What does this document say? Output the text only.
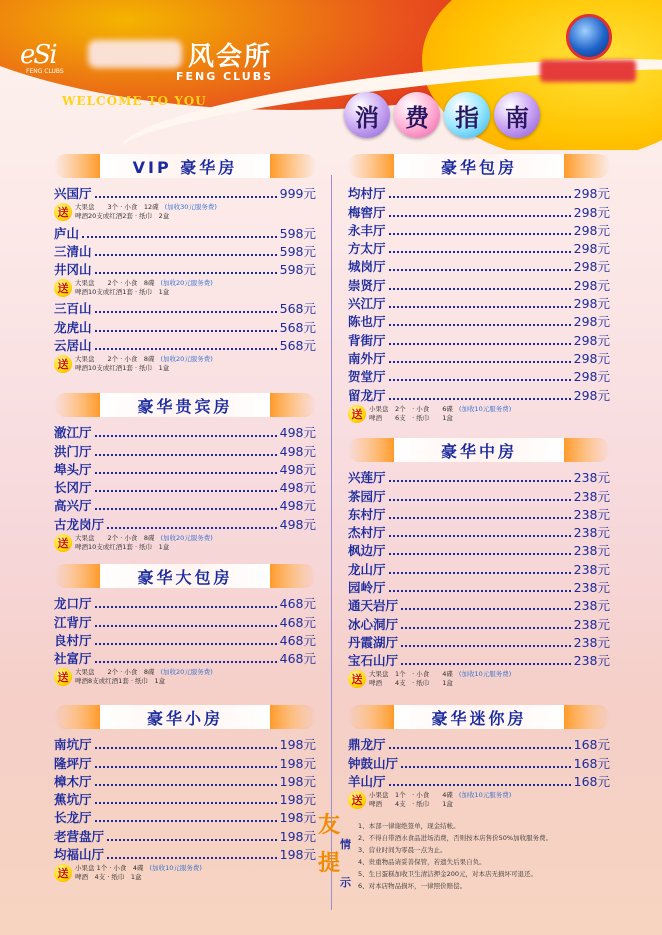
eSi
FENG CLUBS	风会所
FENG CLUBS
WELCOME TO YOU
消	费	指	南
VIP 豪华房
兴国厅	999元
送	大果盘　　3个 · 小食　12碟 (加收30元服务费)
啤酒20支或红酒2套 · 纸巾　2盒
庐山	598元
三清山	598元
井冈山	598元
送	大果盘　　2个 · 小食　8碟 (加收20元服务费)
啤酒10支或红酒1套 · 纸巾　1盒
三百山	568元
龙虎山	568元
云居山	568元
送	大果盘　　2个 · 小食　8碟 (加收20元服务费)
啤酒10支或红酒1套 · 纸巾　1盒
豪华贵宾房
澈江厅	498元
洪门厅	498元
埠头厅	498元
长冈厅	498元
高兴厅	498元
古龙岗厅	498元
送	大果盘　　2个 · 小食　8碟 (加收20元服务费)
啤酒10支或红酒1套 · 纸巾　1盒
豪华大包房
龙口厅	468元
江背厅	468元
良村厅	468元
社富厅	468元
送	大果盘　　2个 · 小食　8碟 (加收20元服务费)
啤酒8支或红酒1套 · 纸巾　1盒
豪华小房
南坑厅	198元
隆坪厅	198元
樟木厅	198元
蕉坑厅	198元
长龙厅	198元
老营盘厅	198元
均福山厅	198元
送	小果盘 1个 · 小食　4碟 (加收10元服务费)
啤酒　4支 · 纸巾　1盒
豪华包房
均村厅	298元
梅窖厅	298元
永丰厅	298元
方太厅	298元
城岗厅	298元
崇贤厅	298元
兴江厅	298元
陈也厅	298元
背街厅	298元
南外厅	298元
贺堂厅	298元
留龙厅	298元
送	小果盘　2个　· 小食　　6碟 (加收10元服务费)
啤酒　　6支　· 纸巾　　1盒
豪华中房
兴莲厅	238元
茶园厅	238元
东村厅	238元
杰村厅	238元
枫边厅	238元
龙山厅	238元
园岭厅	238元
通天岩厅	238元
冰心洞厅	238元
丹霞湖厅	238元
宝石山厅	238元
送	大果盘　1个　· 小食　　4碟 (加收10元服务费)
啤酒　　4支　· 纸巾　　1盒
豪华迷你房
鼎龙厅	168元
钟鼓山厅	168元
羊山厅	168元
送	小果盘　1个　· 小食　　4碟 (加收10元服务费)
啤酒　　4支　· 纸巾　　1盒
友
情
提
示
1、本部一律谢绝签单，现金结帐。
2、不得自带酒水食品进场消费，否则按本店售价50%加收服务费。
3、营业时间为零晨一点为止。
4、贵重物品请妥善保管，若遗失后果自负。
5、生日蛋糕加收卫生清洁押金200元，对本店无损坏可退还。
6、对本店物品损坏，一律照价赔偿。
